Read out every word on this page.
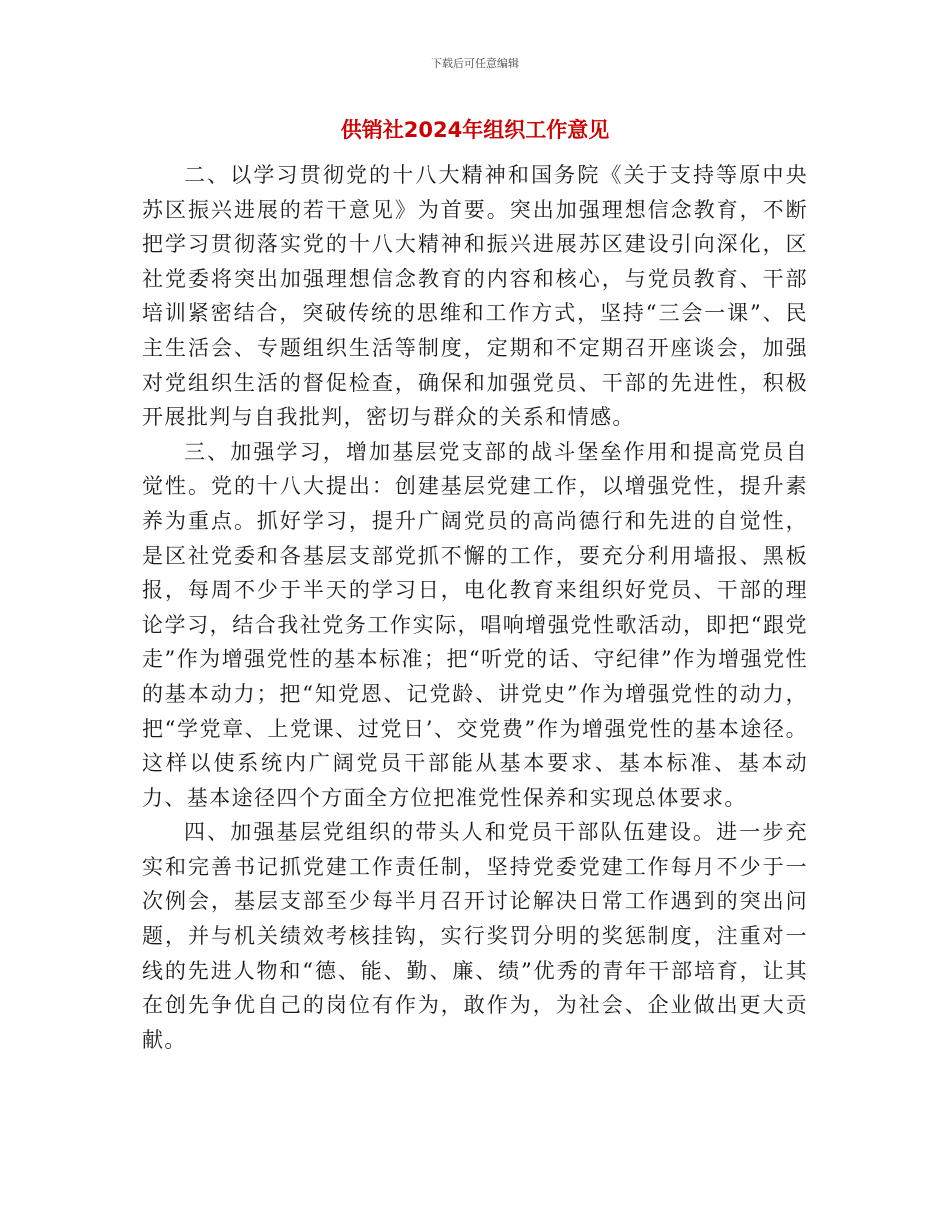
下载后可任意编辑
供销社2024年组织工作意见

二、以学习贯彻党的十八大精神和国务院《关于支持等原中央苏区振兴进展的若干意见》为首要。突出加强理想信念教育，不断把学习贯彻落实党的十八大精神和振兴进展苏区建设引向深化，区社党委将突出加强理想信念教育的内容和核心，与党员教育、干部培训紧密结合，突破传统的思维和工作方式，坚持“三会一课”、民主生活会、专题组织生活等制度，定期和不定期召开座谈会，加强对党组织生活的督促检查，确保和加强党员、干部的先进性，积极开展批判与自我批判，密切与群众的关系和情感。

三、加强学习，增加基层党支部的战斗堡垒作用和提高党员自觉性。党的十八大提出：创建基层党建工作，以增强党性，提升素养为重点。抓好学习，提升广阔党员的高尚德行和先进的自觉性，是区社党委和各基层支部党抓不懈的工作，要充分利用墙报、黑板报，每周不少于半天的学习日，电化教育来组织好党员、干部的理论学习，结合我社党务工作实际，唱响增强党性歌活动，即把“跟党走”作为增强党性的基本标准；把“听党的话、守纪律”作为增强党性的基本动力；把“知党恩、记党龄、讲党史”作为增强党性的动力，把“学党章、上党课、过党日’、交党费”作为增强党性的基本途径。这样以使系统内广阔党员干部能从基本要求、基本标准、基本动力、基本途径四个方面全方位把准党性保养和实现总体要求。

四、加强基层党组织的带头人和党员干部队伍建设。进一步充实和完善书记抓党建工作责任制，坚持党委党建工作每月不少于一次例会，基层支部至少每半月召开讨论解决日常工作遇到的突出问题，并与机关绩效考核挂钩，实行奖罚分明的奖惩制度，注重对一线的先进人物和“德、能、勤、廉、绩”优秀的青年干部培育，让其在创先争优自己的岗位有作为，敢作为，为社会、企业做出更大贡献。
